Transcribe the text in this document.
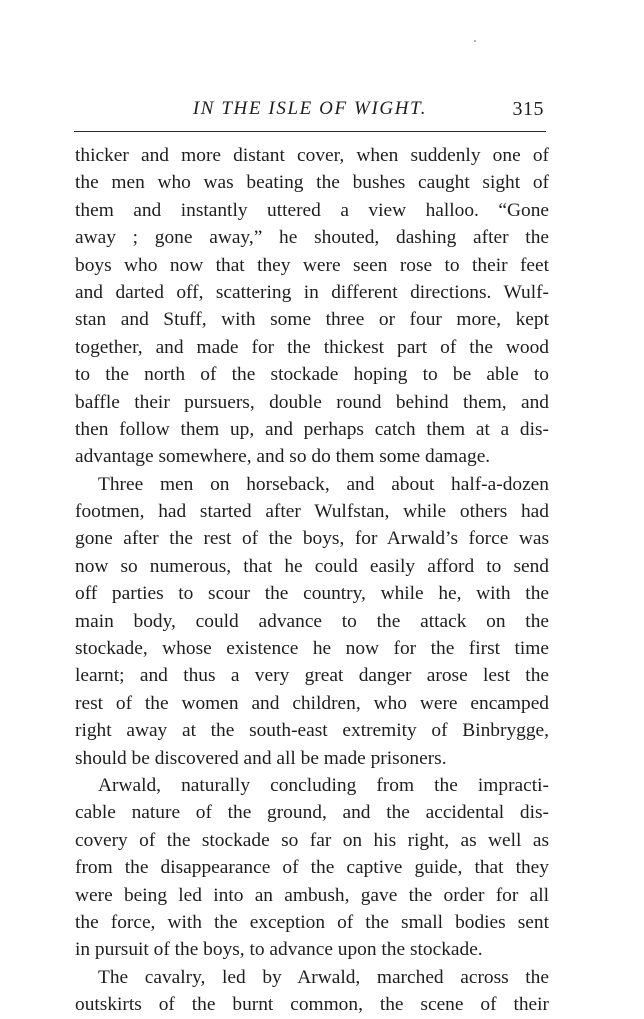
IN THE ISLE OF WIGHT.	315
thicker and more distant cover, when suddenly one of
the men who was beating the bushes caught sight of
them and instantly uttered a view halloo. “Gone
away ; gone away,” he shouted, dashing after the
boys who now that they were seen rose to their feet
and darted off, scattering in different directions. Wulf-
stan and Stuff, with some three or four more, kept
together, and made for the thickest part of the wood
to the north of the stockade hoping to be able to
baffle their pursuers, double round behind them, and
then follow them up, and perhaps catch them at a dis-
advantage somewhere, and so do them some damage.
Three men on horseback, and about half-a-dozen
footmen, had started after Wulfstan, while others had
gone after the rest of the boys, for Arwald’s force was
now so numerous, that he could easily afford to send
off parties to scour the country, while he, with the
main body, could advance to the attack on the
stockade, whose existence he now for the first time
learnt; and thus a very great danger arose lest the
rest of the women and children, who were encamped
right away at the south-east extremity of Binbrygge,
should be discovered and all be made prisoners.
Arwald, naturally concluding from the impracti-
cable nature of the ground, and the accidental dis-
covery of the stockade so far on his right, as well as
from the disappearance of the captive guide, that they
were being led into an ambush, gave the order for all
the force, with the exception of the small bodies sent
in pursuit of the boys, to advance upon the stockade.
The cavalry, led by Arwald, marched across the
outskirts of the burnt common, the scene of their
